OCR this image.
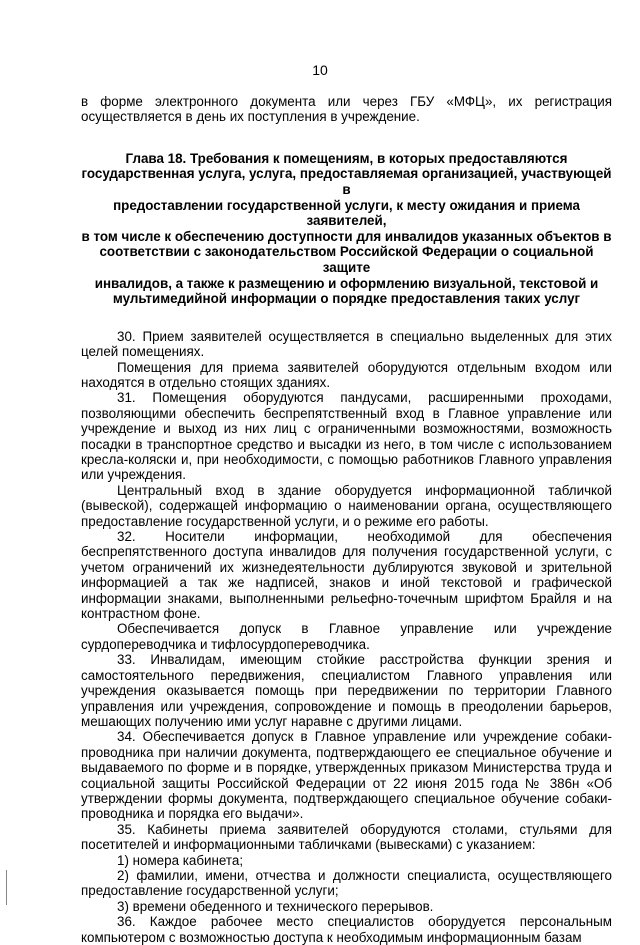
10

в форме электронного документа или через ГБУ «МФЦ», их регистрация осуществляется в день их поступления в учреждение.

Глава 18. Требования к помещениям, в которых предоставляются
государственная услуга, услуга, предоставляемая организацией, участвующей в
предоставлении государственной услуги, к месту ожидания и приема заявителей,
в том числе к обеспечению доступности для инвалидов указанных объектов в
соответствии с законодательством Российской Федерации о социальной защите
инвалидов, а также к размещению и оформлению визуальной, текстовой и
мультимедийной информации о порядке предоставления таких услуг

30. Прием заявителей осуществляется в специально выделенных для этих целей помещениях.

Помещения для приема заявителей оборудуются отдельным входом или находятся в отдельно стоящих зданиях.

31. Помещения оборудуются пандусами, расширенными проходами, позволяющими обеспечить беспрепятственный вход в Главное управление или учреждение и выход из них лиц с ограниченными возможностями, возможность посадки в транспортное средство и высадки из него, в том числе с использованием кресла-коляски и, при необходимости, с помощью работников Главного управления или учреждения.

Центральный вход в здание оборудуется информационной табличкой (вывеской), содержащей информацию о наименовании органа, осуществляющего предоставление государственной услуги, и о режиме его работы.

32. Носители информации, необходимой для обеспечения беспрепятственного доступа инвалидов для получения государственной услуги, с учетом ограничений их жизнедеятельности дублируются звуковой и зрительной информацией а так же надписей, знаков и иной текстовой и графической информации знаками, выполненными рельефно-точечным шрифтом Брайля и на контрастном фоне.

Обеспечивается допуск в Главное управление или учреждение сурдопереводчика и тифлосурдопереводчика.

33. Инвалидам, имеющим стойкие расстройства функции зрения и самостоятельного передвижения, специалистом Главного управления или учреждения оказывается помощь при передвижении по территории Главного управления или учреждения, сопровождение и помощь в преодолении барьеров, мешающих получению ими услуг наравне с другими лицами.

34. Обеспечивается допуск в Главное управление или учреждение собаки-проводника при наличии документа, подтверждающего ее специальное обучение и выдаваемого по форме и в порядке, утвержденных приказом Министерства труда и социальной защиты Российской Федерации от 22 июня 2015 года № 386н «Об утверждении формы документа, подтверждающего специальное обучение собаки-проводника и порядка его выдачи».

35. Кабинеты приема заявителей оборудуются столами, стульями для посетителей и информационными табличками (вывесками) с указанием:

1) номера кабинета;

2) фамилии, имени, отчества и должности специалиста, осуществляющего предоставление государственной услуги;

3) времени обеденного и технического перерывов.

36. Каждое рабочее место специалистов оборудуется персональным компьютером с возможностью доступа к необходимым информационным базам
